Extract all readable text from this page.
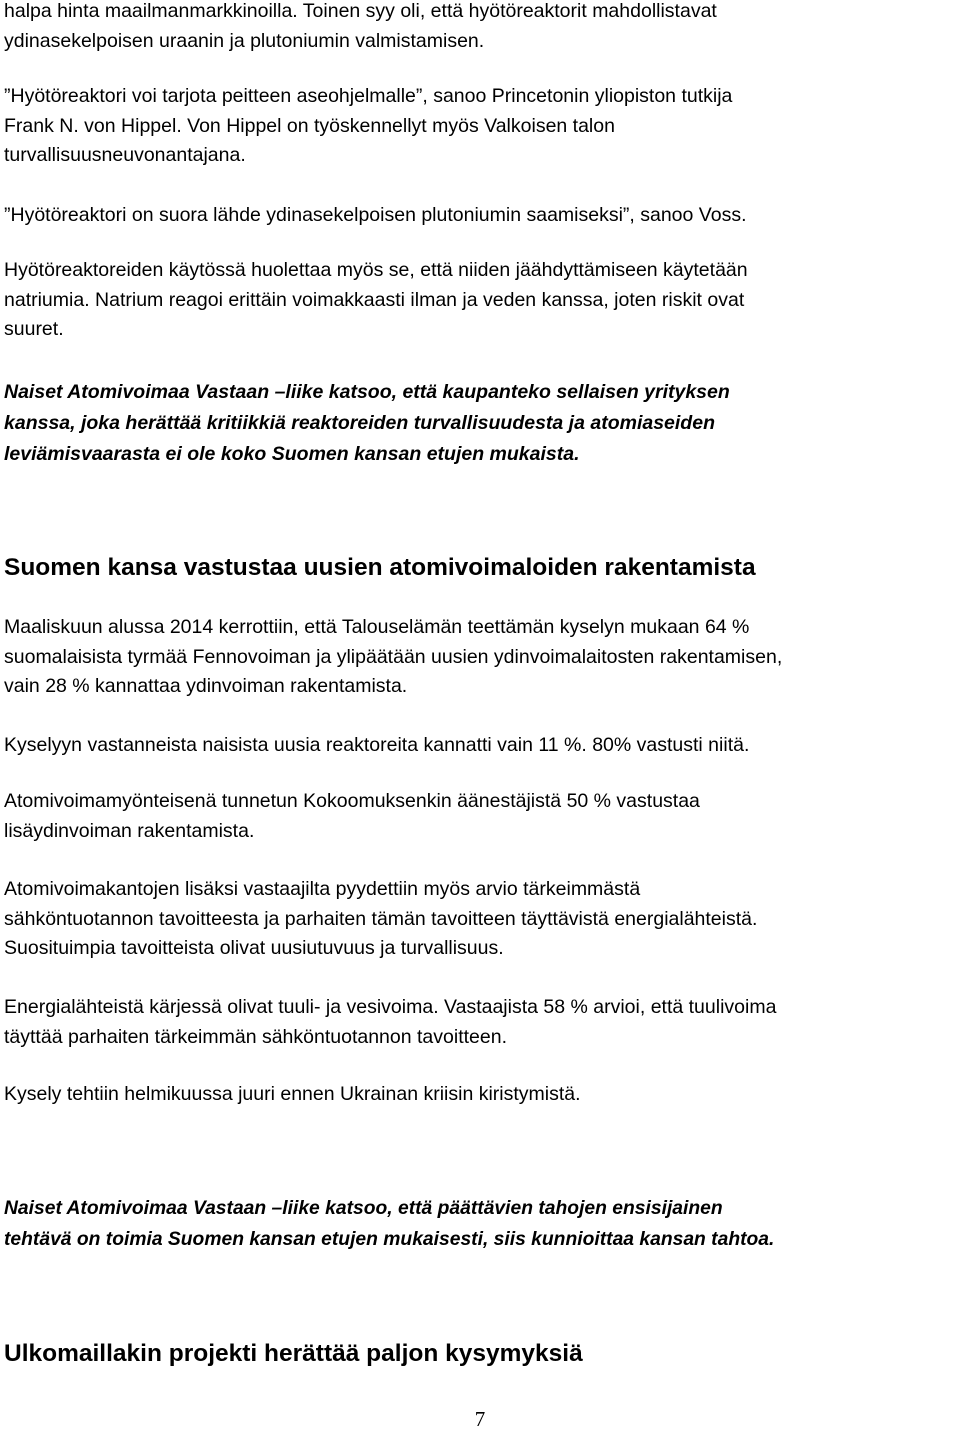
halpa hinta maailmanmarkkinoilla. Toinen syy oli, että hyötöreaktorit mahdollistavat
ydinasekelpoisen uraanin ja plutoniumin valmistamisen.

”Hyötöreaktori voi tarjota peitteen aseohjelmalle”, sanoo Princetonin yliopiston tutkija
Frank N. von Hippel. Von Hippel on työskennellyt myös Valkoisen talon
turvallisuusneuvonantajana.

”Hyötöreaktori on suora lähde ydinasekelpoisen plutoniumin saamiseksi”, sanoo Voss.

Hyötöreaktoreiden käytössä huolettaa myös se, että niiden jäähdyttämiseen käytetään
natriumia. Natrium reagoi erittäin voimakkaasti ilman ja veden kanssa, joten riskit ovat
suuret.

Naiset Atomivoimaa Vastaan –liike katsoo, että kaupanteko sellaisen yrityksen
kanssa, joka herättää kritiikkiä reaktoreiden turvallisuudesta ja atomiaseiden
leviämisvaarasta ei ole koko Suomen kansan etujen mukaista.

Suomen kansa vastustaa uusien atomivoimaloiden rakentamista

Maaliskuun alussa 2014 kerrottiin, että Talouselämän teettämän kyselyn mukaan 64 %
suomalaisista tyrmää Fennovoiman ja ylipäätään uusien ydinvoimalaitosten rakentamisen,
vain 28 % kannattaa ydinvoiman rakentamista.

Kyselyyn vastanneista naisista uusia reaktoreita kannatti vain 11 %. 80% vastusti niitä.

Atomivoimamyönteisenä tunnetun Kokoomuksenkin äänestäjistä 50 % vastustaa
lisäydinvoiman rakentamista.

Atomivoimakantojen lisäksi vastaajilta pyydettiin myös arvio tärkeimmästä
sähköntuotannon tavoitteesta ja parhaiten tämän tavoitteen täyttävistä energialähteistä.
Suosituimpia tavoitteista olivat uusiutuvuus ja turvallisuus.

Energialähteistä kärjessä olivat tuuli- ja vesivoima. Vastaajista 58 % arvioi, että tuulivoima
täyttää parhaiten tärkeimmän sähköntuotannon tavoitteen.

Kysely tehtiin helmikuussa juuri ennen Ukrainan kriisin kiristymistä.

Naiset Atomivoimaa Vastaan –liike katsoo, että päättävien tahojen ensisijainen
tehtävä on toimia Suomen kansan etujen mukaisesti, siis kunnioittaa kansan tahtoa.

Ulkomaillakin projekti herättää paljon kysymyksiä
7
